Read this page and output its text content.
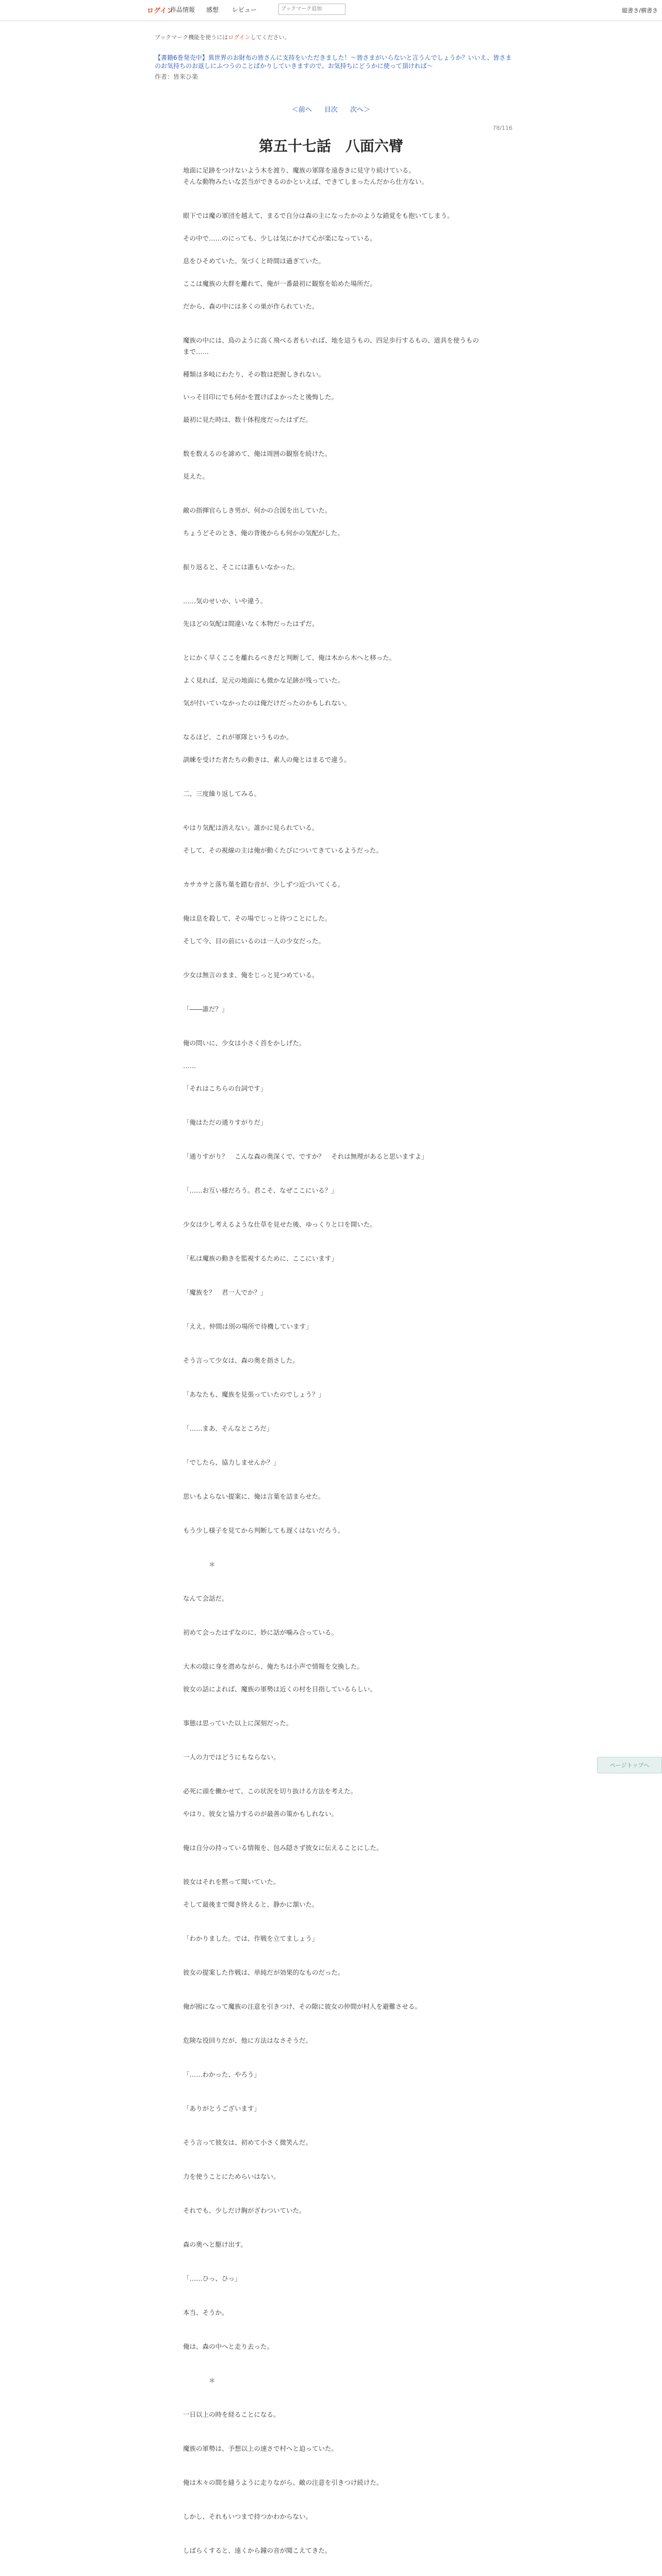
ログイン
作品情報 感想 レビュー
ブックマーク追加	縦書き/横書き
ブックマーク機能を使うにはログインしてください。
【書籍6巻発売中】異世界のお財布の皆さんに支持をいただきました！～皆さまがいらないと言うんでしょうか？いいえ、皆さまのお気持ちのお返しにふつうのことばかりしていきますので、お気持ちにどうかに使って頂ければ～
作者：皆来ひ楽
＜前へ 目次 次へ＞
78/116
第五十七話　八面六臂

地面に足跡をつけないよう木を渡り、魔族の軍隊を遠巻きに見守り続けている。

そんな動物みたいな芸当ができるのかといえば、できてしまったんだから仕方ない。

眼下では魔の軍団を越えて、まるで自分は森の主になったかのような錯覚をも抱いてしまう。

その中で……のにっても、少しは気にかけて心が楽になっている。

息をひそめていた。気づくと時間は過ぎていた。

ここは魔族の大群を離れて、俺が一番最初に観察を始めた場所だ。

だから、森の中には多くの巣が作られていた。

魔族の中には、鳥のように高く飛べる者もいれば、地を這うもの、四足歩行するもの、道具を使うものまで……

種類は多岐にわたり、その数は把握しきれない。

いっそ目印にでも何かを置けばよかったと後悔した。

最初に見た時は、数十体程度だったはずだ。

数を数えるのを諦めて、俺は周囲の観察を続けた。

見えた。

敵の指揮官らしき男が、何かの合図を出していた。

ちょうどそのとき、俺の背後からも何かの気配がした。

振り返ると、そこには誰もいなかった。

……気のせいか、いや違う。

先ほどの気配は間違いなく本物だったはずだ。

とにかく早くここを離れるべきだと判断して、俺は木から木へと移った。

よく見れば、足元の地面にも微かな足跡が残っていた。

気が付いていなかったのは俺だけだったのかもしれない。

なるほど、これが軍隊というものか。

訓練を受けた者たちの動きは、素人の俺とはまるで違う。

二、三度繰り返してみる。

やはり気配は消えない。誰かに見られている。

そして、その視線の主は俺が動くたびについてきているようだった。

カサカサと落ち葉を踏む音が、少しずつ近づいてくる。

俺は息を殺して、その場でじっと待つことにした。

そして今、目の前にいるのは一人の少女だった。

少女は無言のまま、俺をじっと見つめている。

「――誰だ？」

俺の問いに、少女は小さく首をかしげた。

……

「それはこちらの台詞です」

「俺はただの通りすがりだ」

「通りすがり？　こんな森の奥深くで、ですか？　それは無理があると思いますよ」

「……お互い様だろう。君こそ、なぜここにいる？」

少女は少し考えるような仕草を見せた後、ゆっくりと口を開いた。

「私は魔族の動きを監視するために、ここにいます」

「魔族を？　君一人でか？」

「ええ。仲間は別の場所で待機しています」

そう言って少女は、森の奥を指さした。

「あなたも、魔族を見張っていたのでしょう？」

「……まあ、そんなところだ」

「でしたら、協力しませんか？」

思いもよらない提案に、俺は言葉を詰まらせた。

もう少し様子を見てから判断しても遅くはないだろう。

　　　　＊

なんて会話だ。

初めて会ったはずなのに、妙に話が噛み合っている。

大木の陰に身を潜めながら、俺たちは小声で情報を交換した。

彼女の話によれば、魔族の軍勢は近くの村を目指しているらしい。

事態は思っていた以上に深刻だった。

一人の力ではどうにもならない。

必死に頭を働かせて、この状況を切り抜ける方法を考えた。

やはり、彼女と協力するのが最善の策かもしれない。

俺は自分の持っている情報を、包み隠さず彼女に伝えることにした。

彼女はそれを黙って聞いていた。

そして最後まで聞き終えると、静かに頷いた。

「わかりました。では、作戦を立てましょう」

彼女の提案した作戦は、単純だが効果的なものだった。

俺が囮になって魔族の注意を引きつけ、その隙に彼女の仲間が村人を避難させる。

危険な役回りだが、他に方法はなさそうだ。

「……わかった、やろう」

「ありがとうございます」

そう言って彼女は、初めて小さく微笑んだ。

力を使うことにためらいはない。

それでも、少しだけ胸がざわついていた。

森の奥へと駆け出す。

「……ひっ、ひっ」

本当、そうか。

俺は、森の中へと走り去った。

　　　　＊

一日以上の時を経ることになる。

魔族の軍勢は、予想以上の速さで村へと迫っていた。

俺は木々の間を縫うように走りながら、敵の注意を引きつけ続けた。

しかし、それもいつまで持つかわからない。

しばらくすると、遠くから鐘の音が聞こえてきた。

ページトップへ
